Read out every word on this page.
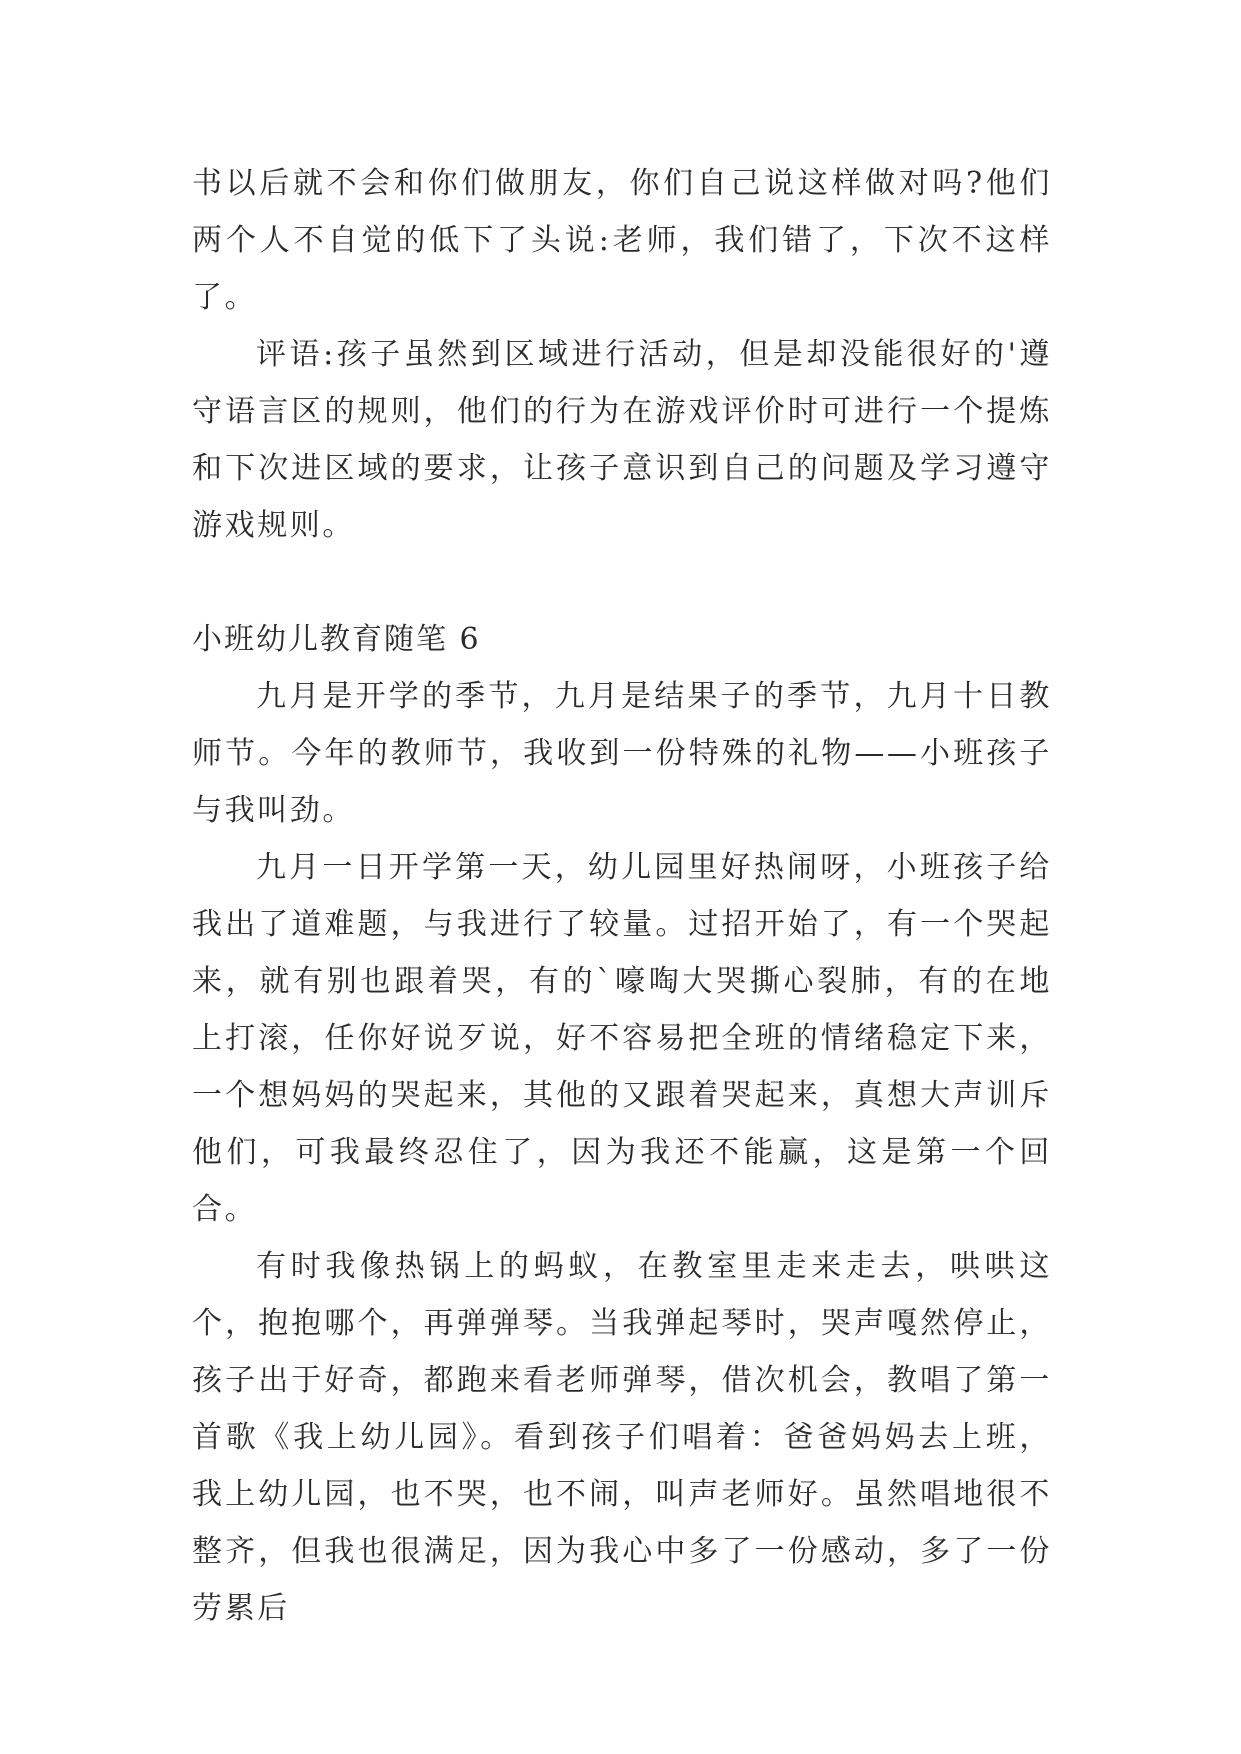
书以后就不会和你们做朋友，你们自己说这样做对吗?他们两个人不自觉的低下了头说:老师，我们错了，下次不这样了。

评语:孩子虽然到区域进行活动，但是却没能很好的'遵守语言区的规则，他们的行为在游戏评价时可进行一个提炼和下次进区域的要求，让孩子意识到自己的问题及学习遵守游戏规则。

小班幼儿教育随笔 6

九月是开学的季节，九月是结果子的季节，九月十日教师节。今年的教师节，我收到一份特殊的礼物——小班孩子与我叫劲。

九月一日开学第一天，幼儿园里好热闹呀，小班孩子给我出了道难题，与我进行了较量。过招开始了，有一个哭起来，就有别也跟着哭，有的`嚎啕大哭撕心裂肺，有的在地上打滚，任你好说歹说，好不容易把全班的情绪稳定下来，一个想妈妈的哭起来，其他的又跟着哭起来，真想大声训斥他们，可我最终忍住了，因为我还不能赢，这是第一个回合。

有时我像热锅上的蚂蚁，在教室里走来走去，哄哄这个，抱抱哪个，再弹弹琴。当我弹起琴时，哭声嘎然停止，孩子出于好奇，都跑来看老师弹琴，借次机会，教唱了第一首歌《我上幼儿园》。看到孩子们唱着：爸爸妈妈去上班，我上幼儿园，也不哭，也不闹，叫声老师好。虽然唱地很不整齐，但我也很满足，因为我心中多了一份感动，多了一份劳累后
